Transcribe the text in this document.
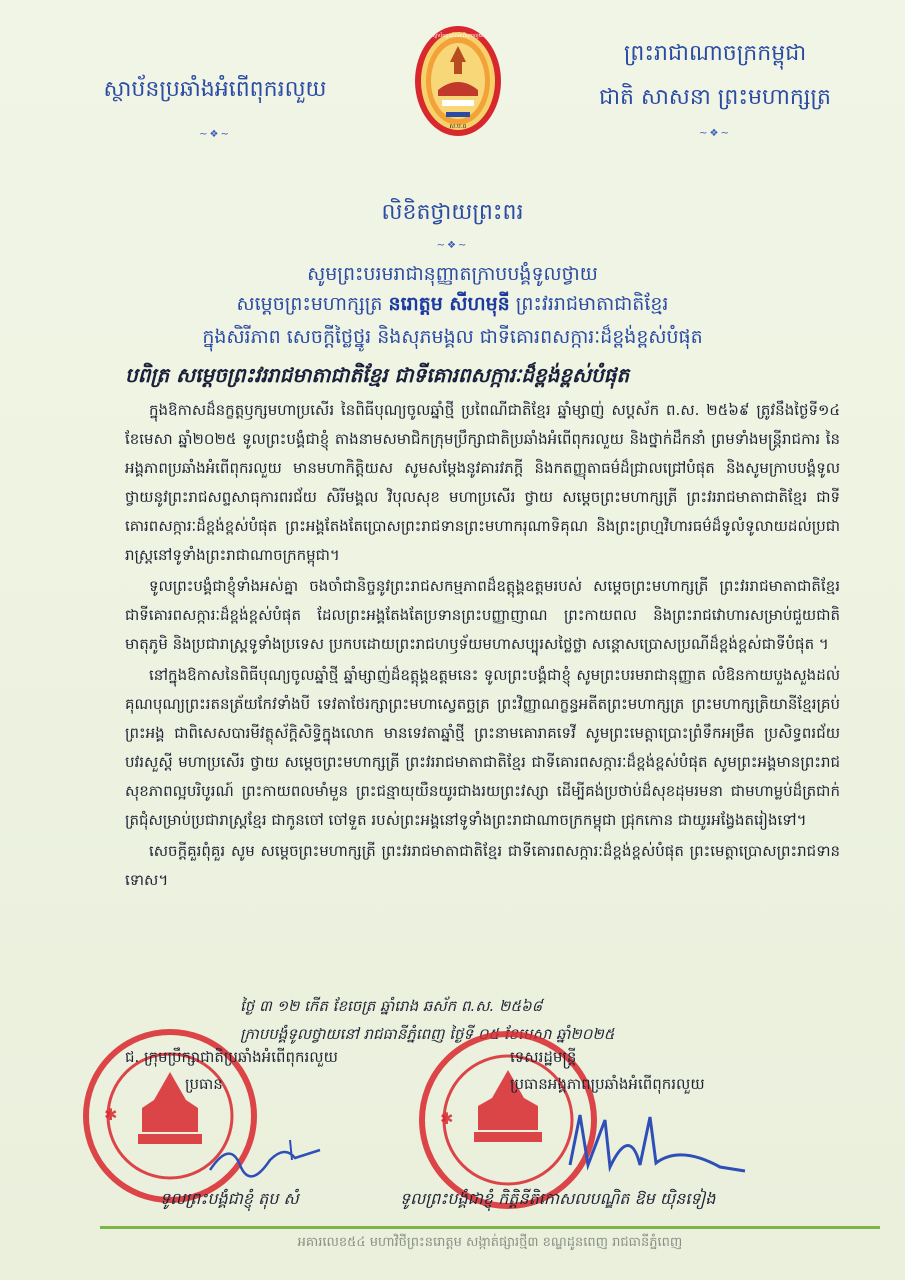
ស្ថាប័នប្រឆាំងអំពើពុករលួយ
~❖~
ស្ថាប័នប្រឆាំងអំពើពុករលួយ
ស.ប.ព
ព្រះរាជាណាចក្រកម្ពុជា
ជាតិ សាសនា ព្រះមហាក្សត្រ
~❖~
លិខិតថ្វាយព្រះពរ
~❖~
សូមព្រះបរមរាជានុញ្ញាតក្រាបបង្គំទូលថ្វាយ
សម្តេចព្រះមហាក្សត្រ នរោត្តម សីហមុនី ព្រះវររាជមាតាជាតិខ្មែរ
ក្នុងសិរីភាព សេចក្តីថ្លៃថ្នូរ និងសុភមង្គល ជាទីគោរពសក្ការៈដ៏ខ្ពង់ខ្ពស់បំផុត
បពិត្រ សម្តេចព្រះវររាជមាតាជាតិខ្មែរ ជាទីគោរពសក្ការៈដ៏ខ្ពង់ខ្ពស់បំផុត

ក្នុងឱកាសដ៏នក្ខត្តឫក្សមហាប្រសើរ នៃពិធីបុណ្យចូលឆ្នាំថ្មី ប្រពៃណីជាតិខ្មែរ ឆ្នាំម្សាញ់ សប្តស័ក ព.ស. ២៥៦៩ ត្រូវនឹងថ្ងៃទី១៤ ខែមេសា ឆ្នាំ២០២៥ ទូលព្រះបង្គំជាខ្ញុំ តាងនាមសមាជិកក្រុមប្រឹក្សាជាតិប្រឆាំងអំពើពុករលួយ និងថ្នាក់ដឹកនាំ ព្រមទាំងមន្ត្រីរាជការ នៃអង្គភាពប្រឆាំងអំពើពុករលួយ មានមហាកិត្តិយស សូមសម្តែងនូវគារវភក្តី និងកតញ្ញុតាធម៌ដ៏ជ្រាលជ្រៅបំផុត និងសូមក្រាបបង្គំទូលថ្វាយនូវព្រះរាជសព្ទសាធុការពរជ័យ សិរីមង្គល វិបុលសុខ មហាប្រសើរ ថ្វាយ សម្តេចព្រះមហាក្សត្រី ព្រះវររាជមាតាជាតិខ្មែរ ជាទីគោរពសក្ការៈដ៏ខ្ពង់ខ្ពស់បំផុត ព្រះអង្គតែងតែប្រោសព្រះរាជទានព្រះមហាករុណាទិគុណ និងព្រះព្រហ្មវិហារធម៌ដ៏ទូលំទូលាយដល់ប្រជារាស្ត្រនៅទូទាំងព្រះរាជាណាចក្រកម្ពុជា។

ទូលព្រះបង្គំជាខ្ញុំទាំងអស់គ្នា ចងចាំជានិច្ចនូវព្រះរាជសកម្មភាពដ៏ឧត្តុង្គឧត្តមរបស់ សម្តេចព្រះមហាក្សត្រី ព្រះវររាជមាតាជាតិខ្មែរ ជាទីគោរពសក្ការៈដ៏ខ្ពង់ខ្ពស់បំផុត ដែលព្រះអង្គតែងតែប្រទានព្រះបញ្ញាញាណ ព្រះកាយពល និងព្រះរាជវោហារសម្រាប់ជួយជាតិមាតុភូមិ និងប្រជារាស្ត្រទូទាំងប្រទេស ប្រកបដោយព្រះរាជហឫទ័យមហាសប្បុរសថ្លៃថ្លា សន្តោសប្រោសប្រណីដ៏ខ្ពង់ខ្ពស់ជាទីបំផុត ។

នៅក្នុងឱកាសនៃពិធីបុណ្យចូលឆ្នាំថ្មី ឆ្នាំម្សាញ់ដ៏ឧត្តុង្គឧត្តមនេះ ទូលព្រះបង្គំជាខ្ញុំ សូមព្រះបរមរាជានុញ្ញាត លំឱនកាយបួងសួងដល់គុណបុណ្យព្រះរតនត្រ័យកែវទាំងបី ទេវតាថែរក្សាព្រះមហាស្វេតច្ឆត្រ ព្រះវិញ្ញាណក្ខន្ធអតីតព្រះមហាក្សត្រ ព្រះមហាក្សត្រិយានីខ្មែរគ្រប់ព្រះអង្គ ជាពិសេសបារមីវត្ថុស័ក្តិសិទ្ធិក្នុងលោក មានទេវតាឆ្នាំថ្មី ព្រះនាមគោរាគទេវី សូមព្រះមេត្តាប្រោះព្រំទឹកអម្រឹត ប្រសិទ្ធពរជ័យ បវរសួស្តី មហាប្រសើរ ថ្វាយ សម្តេចព្រះមហាក្សត្រី ព្រះវររាជមាតាជាតិខ្មែរ ជាទីគោរពសក្ការៈដ៏ខ្ពង់ខ្ពស់បំផុត សូមព្រះអង្គមានព្រះរាជសុខភាពល្អបរិបូរណ៍ ព្រះកាយពលមាំមួន ព្រះជន្មាយុយឺនយូរជាងរយព្រះវស្សា ដើម្បីគង់ប្រថាប់ដ៏សុខដុមរមនា ជាមហាម្លប់ដ៏ត្រជាក់ត្រជុំសម្រាប់ប្រជារាស្ត្រខ្មែរ ជាកូនចៅ ចៅទួត របស់ព្រះអង្គនៅទូទាំងព្រះរាជាណាចក្រកម្ពុជា ជ្រុកកោន ជាយូរអង្វែងតរៀងទៅ។

សេចក្តីគួរពុំគួរ សូម សម្តេចព្រះមហាក្សត្រី ព្រះវររាជមាតាជាតិខ្មែរ ជាទីគោរពសក្ការៈដ៏ខ្ពង់ខ្ពស់បំផុត ព្រះមេត្តាប្រោសព្រះរាជទានទោស។

ថ្ងៃ ៣ ១២ កើត ខែចេត្រ ឆ្នាំរោង ឆស័ក ព.ស. ២៥៦៨
ក្រាបបង្គំទូលថ្វាយនៅ រាជធានីភ្នំពេញ ថ្ងៃទី ០៥ ខែមេសា ឆ្នាំ២០២៥
✱	✱
ជ. ក្រុមប្រឹក្សាជាតិប្រឆាំងអំពើពុករលួយ
ប្រធាន
ទេសរដ្ឋមន្ត្រី
ប្រធានអង្គភាពប្រឆាំងអំពើពុករលួយ
ទូលព្រះបង្គំជាខ្ញុំ តុប សំ	ទូលព្រះបង្គំជាខ្ញុំ កិត្តិនីតិកោសលបណ្ឌិត ឱម យ៉ិនទៀង
អគារលេខ៥៤ មហាវិថីព្រះនរោត្តម សង្កាត់ផ្សារថ្មី៣ ខណ្ឌដូនពេញ រាជធានីភ្នំពេញ
